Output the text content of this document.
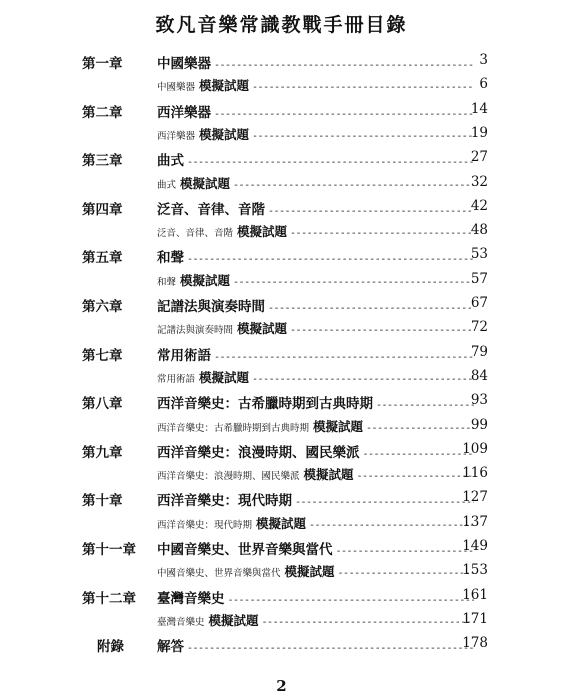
致凡音樂常識教戰手冊目錄
第一章	中國樂器 -----	3
中國樂器 模擬試題 -----	6
第二章	西洋樂器 -----	14
西洋樂器 模擬試題 -----	19
第三章	曲式 -----	27
曲式 模擬試題 -----	32
第四章	泛音、音律、音階 -----	42
泛音、音律、音階 模擬試題 -----	48
第五章	和聲 -----	53
和聲 模擬試題 -----	57
第六章	記譜法與演奏時間 -----	67
記譜法與演奏時間 模擬試題 -----	72
第七章	常用術語 -----	79
常用術語 模擬試題 -----	84
第八章	西洋音樂史：古希臘時期到古典時期 -----	93
西洋音樂史：古希臘時期到古典時期 模擬試題 -----	99
第九章	西洋音樂史：浪漫時期、國民樂派 -----	109
西洋音樂史：浪漫時期、國民樂派 模擬試題 -----	116
第十章	西洋音樂史：現代時期 -----	127
西洋音樂史：現代時期 模擬試題 -----	137
第十一章 中國音樂史、世界音樂與當代 -----	149
中國音樂史、世界音樂與當代 模擬試題 -----	153
第十二章 臺灣音樂史 -----	161
臺灣音樂史 模擬試題 -----	171
附錄 解答 -----	178
2
